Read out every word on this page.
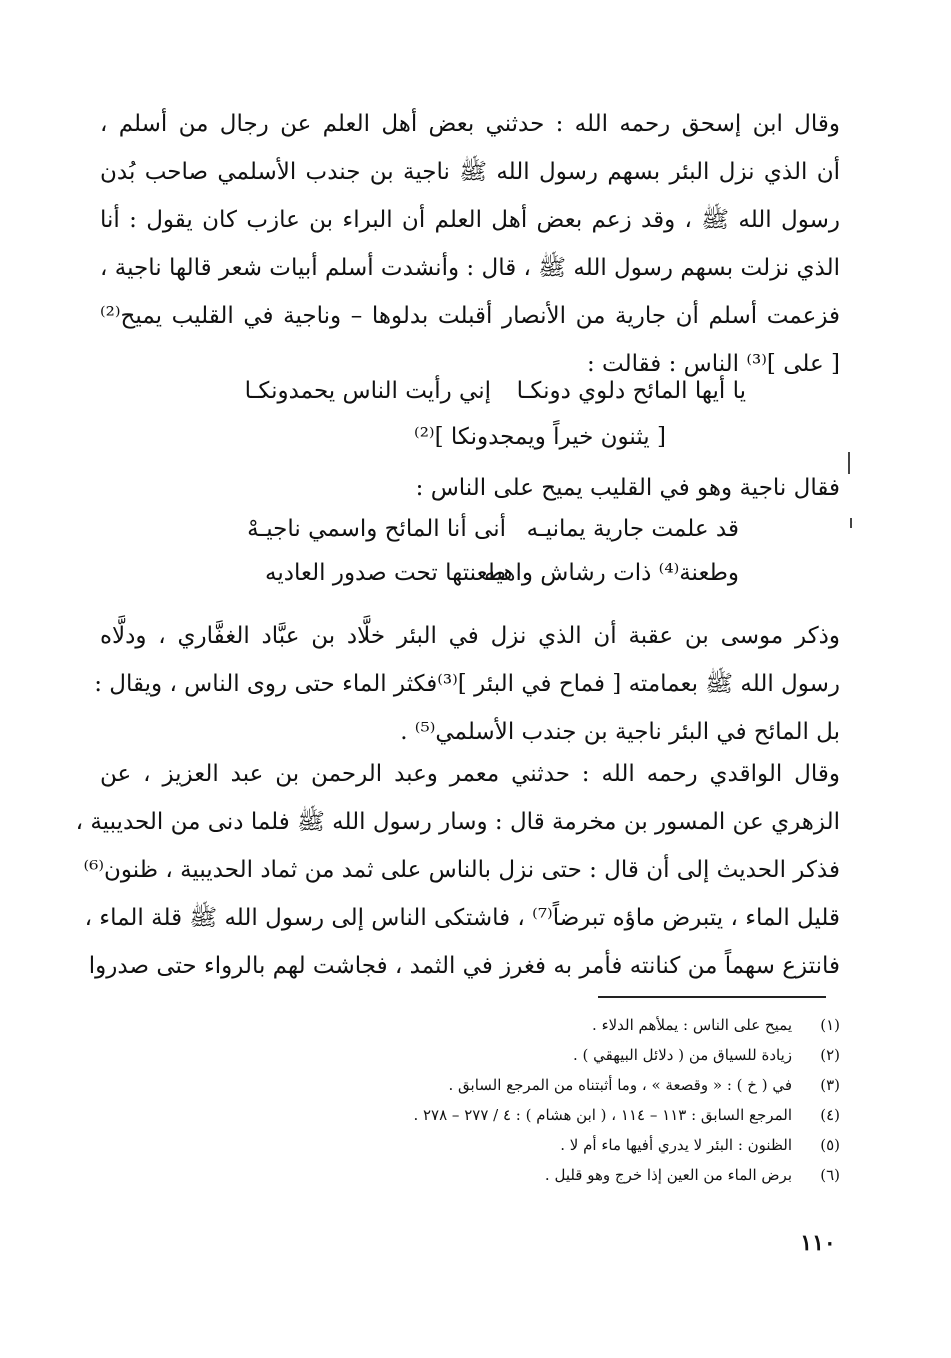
وقال ابن إسحق رحمه الله : حدثني بعض أهل العلم عن رجال من أسلم ،
أن الذي نزل البئر بسهم رسول الله ﷺ ناجية بن جندب الأسلمي صاحب بُدن
رسول الله ﷺ ، وقد زعم بعض أهل العلم أن البراء بن عازب كان يقول : أنا
الذي نزلت بسهم رسول الله ﷺ ، قال : وأنشدت أسلم أبيات شعر قالها ناجية ،
فزعمت أسلم أن جارية من الأنصار أقبلت بدلوها – وناجية في القليب يميح⁽²⁾
[ على ]⁽³⁾ الناس : فقالت :
يا أيها المائح دلوي دونكـا
إني رأيت الناس يحمدونكـا
[ يثنون خيراً ويمجدونكا ]⁽²⁾
فقال ناجية وهو في القليب يميح على الناس :
قد علمت جارية يمانيـه
أنى أنا المائح واسمي ناجيـهْ
وطعنة⁽⁴⁾ ذات رشاش واهيه
طعنتها تحت صدور العاديه
وذكر موسى بن عقبة أن الذي نزل في البئر خلَّاد بن عبَّاد الغفَّاري ، ودلَّاه
رسول الله ﷺ بعمامته [ فماح في البئر ]⁽³⁾فكثر الماء حتى روى الناس ، ويقال :
بل المائح في البئر ناجية بن جندب الأسلمي⁽⁵⁾ .
وقال الواقدي رحمه الله : حدثني معمر وعبد الرحمن بن عبد العزيز ، عن
الزهري عن المسور بن مخرمة قال : وسار رسول الله ﷺ فلما دنى من الحديبية ،
فذكر الحديث إلى أن قال : حتى نزل بالناس على ثمد من ثماد الحديبية ، ظنون⁽⁶⁾
قليل الماء ، يتبرض ماؤه تبرضاً⁽⁷⁾ ، فاشتكى الناس إلى رسول الله ﷺ قلة الماء ،
فانتزع سهماً من كنانته فأمر به فغرز في الثمد ، فجاشت لهم بالرواء حتى صدروا
(١)
يميح على الناس : يملأهم الدلاء .
(٢)
زيادة للسياق من ( دلائل البيهقي ) .
(٣)
في ( خ ) : « وقصعة » ، وما أثبتناه من المرجع السابق .
(٤)
المرجع السابق : ١١٣ – ١١٤ ، ( ابن هشام ) : ٤ / ٢٧٧ – ٢٧٨ .
(٥)
الظنون : البئر لا يدري أفيها ماء أم لا .
(٦)
برض الماء من العين إذا خرج وهو قليل .
١١٠
